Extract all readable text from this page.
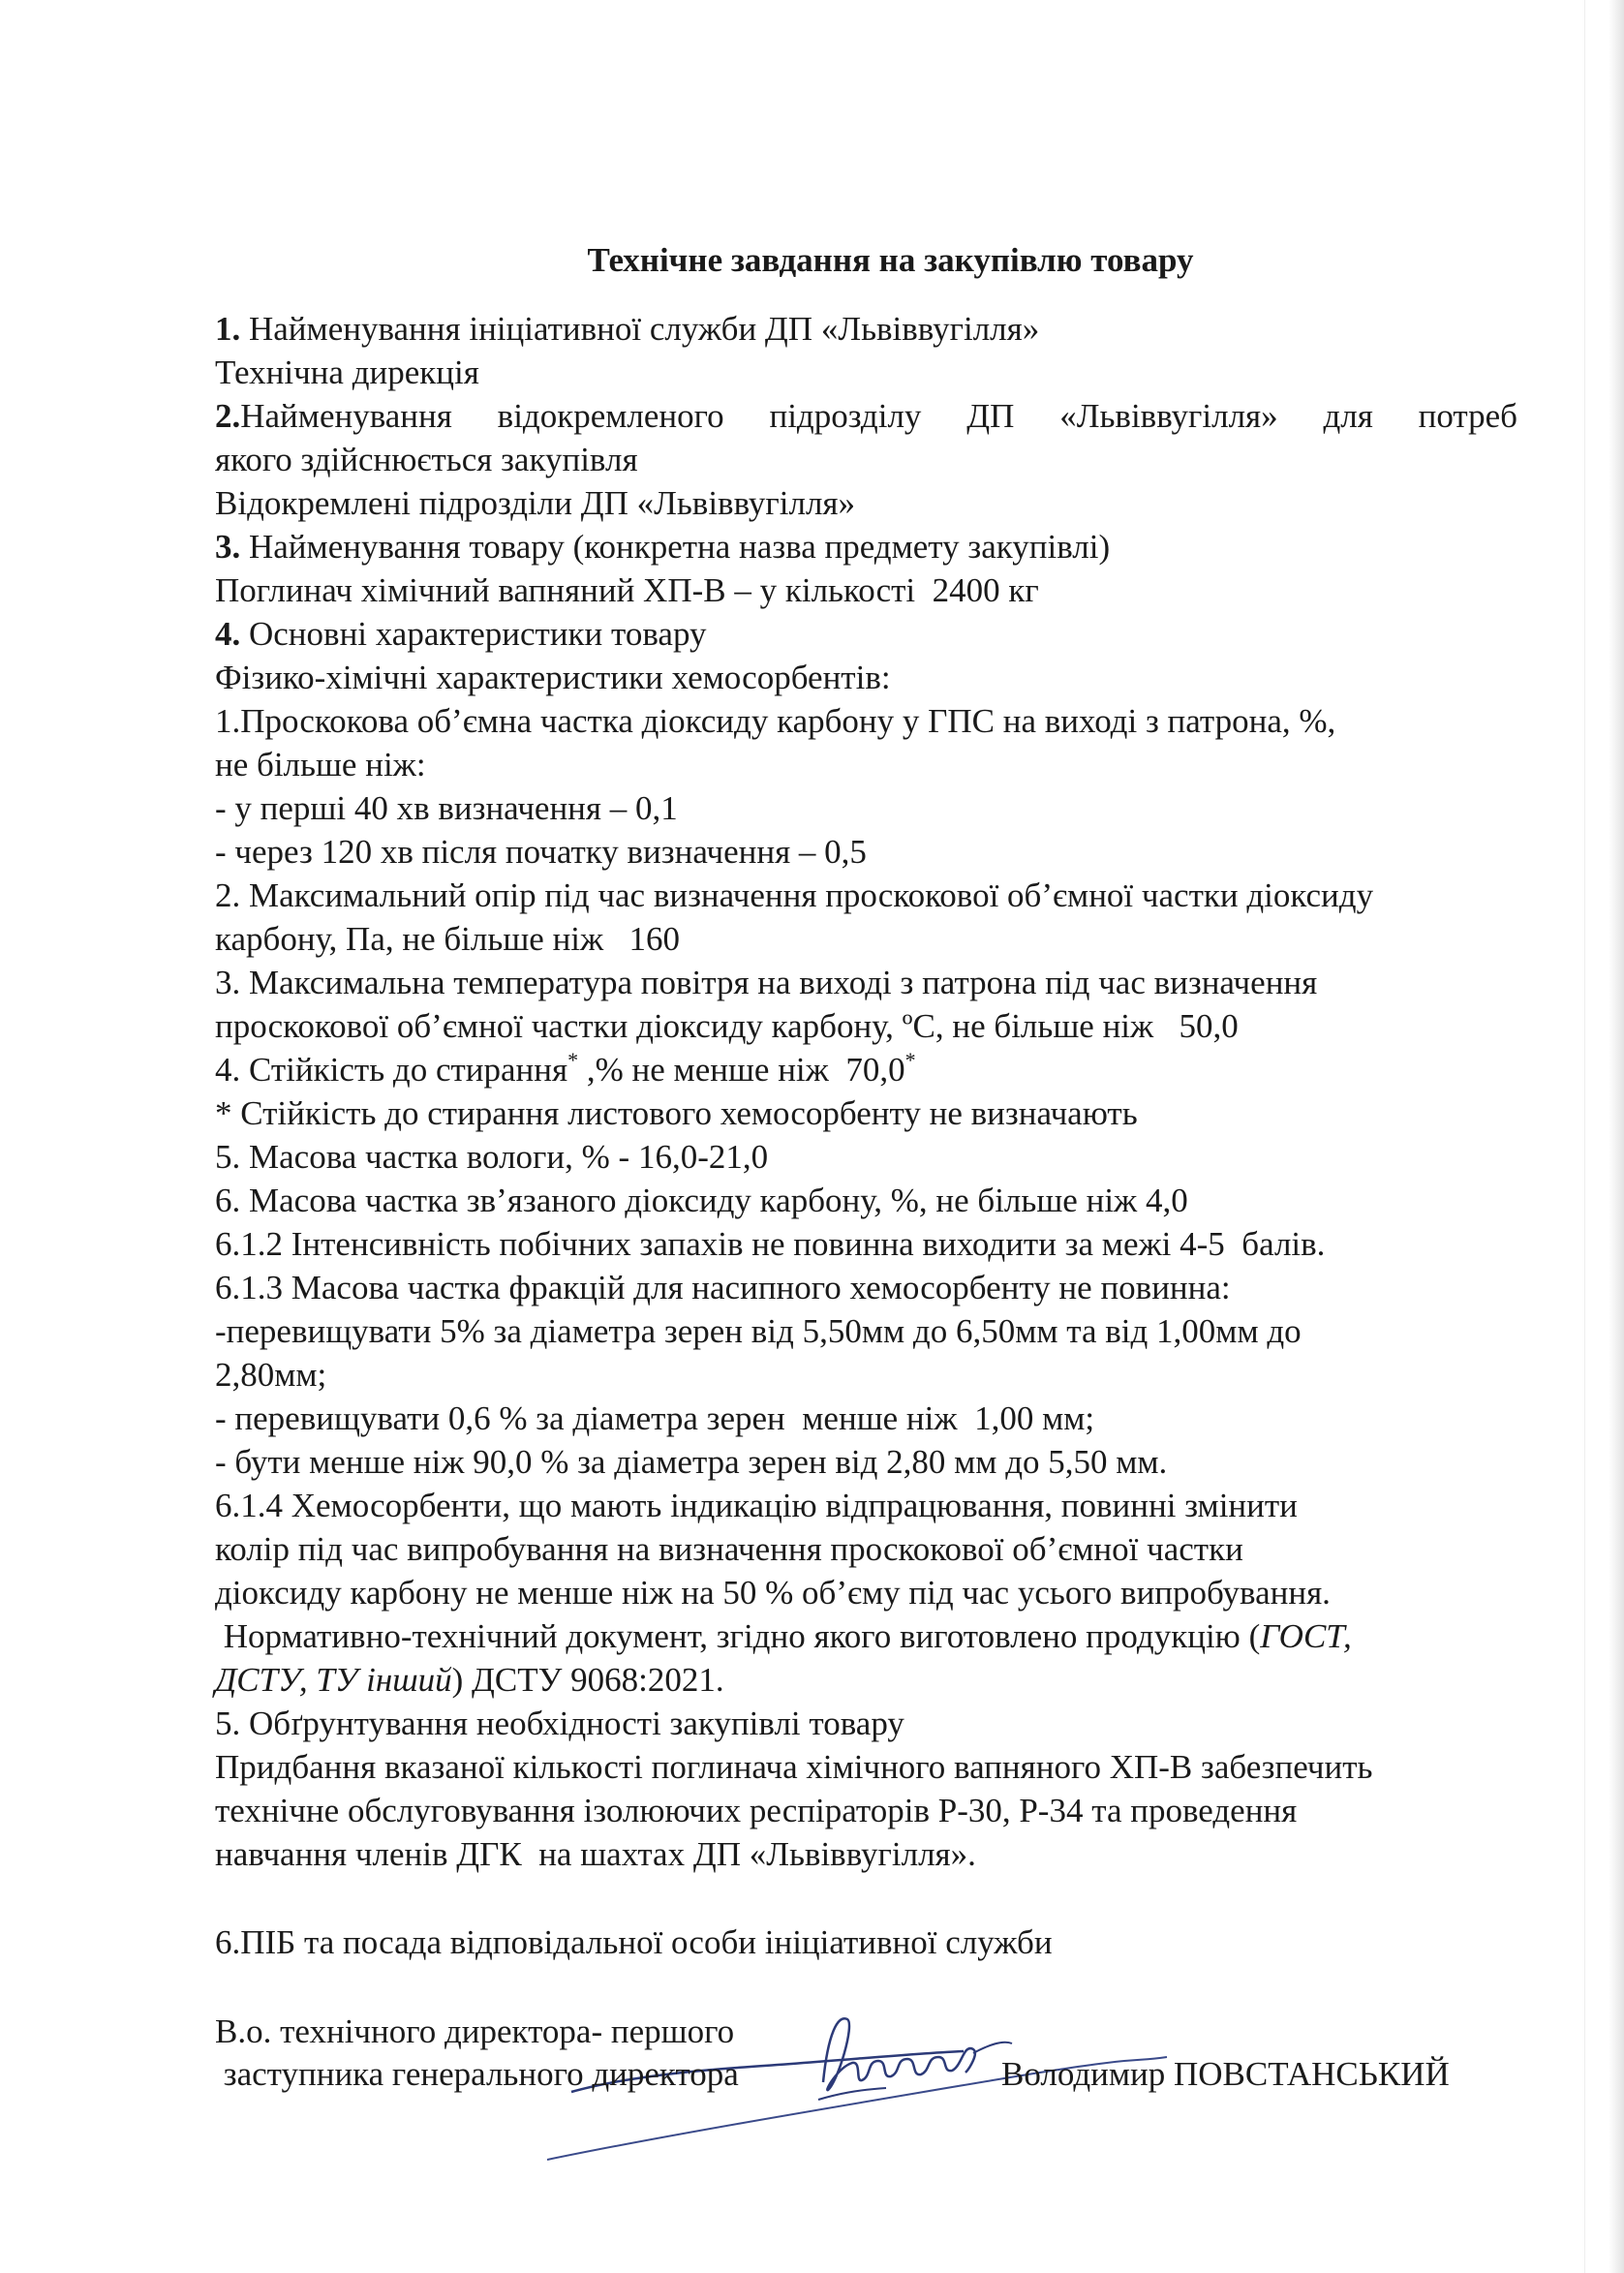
Технічне завдання на закупівлю товару
1. Найменування ініціативної служби ДП «Львіввугілля»
Технічна дирекція
2.Найменування відокремленого підрозділу ДП «Львіввугілля» для потреб
якого здійснюється закупівля
Відокремлені підрозділи ДП «Львіввугілля»
3. Найменування товару (конкретна назва предмету закупівлі)
Поглинач хімічний вапняний ХП-В – у кількості  2400 кг
4. Основні характеристики товару
Фізико-хімічні характеристики хемосорбентів:
1.Проскокова об’ємна частка діоксиду карбону у ГПС на виході з патрона, %,
не більше ніж:
- у перші 40 хв визначення – 0,1
- через 120 хв після початку визначення – 0,5
2. Максимальний опір під час визначення проскокової об’ємної частки діоксиду
карбону, Па, не більше ніж   160
3. Максимальна температура повітря на виході з патрона під час визначення
проскокової об’ємної частки діоксиду карбону, ºС, не більше ніж   50,0
4. Стійкість до стирання* ,% не менше ніж  70,0*
* Стійкість до стирання листового хемосорбенту не визначають
5. Масова частка вологи, % - 16,0-21,0
6. Масова частка зв’язаного діоксиду карбону, %, не більше ніж 4,0
6.1.2 Інтенсивність побічних запахів не повинна виходити за межі 4-5  балів.
6.1.3 Масова частка фракцій для насипного хемосорбенту не повинна:
-перевищувати 5% за діаметра зерен від 5,50мм до 6,50мм та від 1,00мм до
2,80мм;
- перевищувати 0,6 % за діаметра зерен  менше ніж  1,00 мм;
- бути менше ніж 90,0 % за діаметра зерен від 2,80 мм до 5,50 мм.
6.1.4 Хемосорбенти, що мають індикацію відпрацювання, повинні змінити
колір під час випробування на визначення проскокової об’ємної частки
діоксиду карбону не менше ніж на 50 % об’єму під час усього випробування.
Нормативно-технічний документ, згідно якого виготовлено продукцію (ГОСТ,
ДСТУ, ТУ інший) ДСТУ 9068:2021.
5. Обґрунтування необхідності закупівлі товару
Придбання вказаної кількості поглинача хімічного вапняного ХП-В забезпечить
технічне обслуговування ізолюючих респіраторів Р-30, Р-34 та проведення
навчання членів ДГК  на шахтах ДП «Львіввугілля».
6.ПІБ та посада відповідальної особи ініціативної служби
В.о. технічного директора- першого
заступника генерального директора	Володимир ПОВСТАНСЬКИЙ
